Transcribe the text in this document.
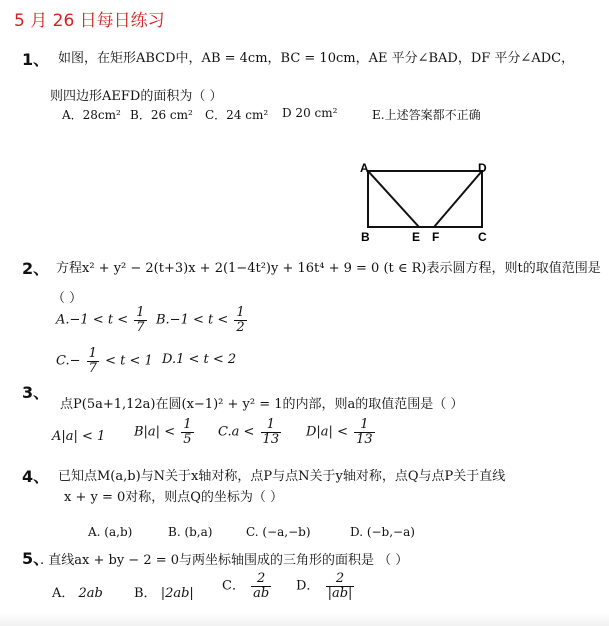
5 月 26 日每日练习
1、 如图，在矩形ABCD中，AB = 4cm，BC = 10cm，AE 平分∠BAD，DF 平分∠ADC，
则四边形AEFD的面积为（ ）
A．28cm² B．26 cm² C．24 cm² D 20 cm²	E.上述答案都不正确
A	D
B	E F	C
2、 方程x² + y² − 2(t+3)x + 2(1−4t²)y + 16t⁴ + 9 = 0 (t ∈ R)表示圆方程，则t的取值范围是
（ ）
$A.-1 < t < \frac{1}{7} B.-1 < t < \frac{1}{2}$
$C.- \frac{1}{7} < t < 1$ D.1 < t < 2
3、
点P(5a+1,12a)在圆(x−1)² + y² = 1的内部，则a的取值范围是（ ）
A|a| < 1 $B|a| < \frac{1}{5} C.a < \frac{1}{13} D|a| < \frac{1}{13}$
4、 已知点M(a,b)与N关于x轴对称，点P与点N关于y轴对称，点Q与点P关于直线
x + y = 0对称，则点Q的坐标为（ ）
A. (a,b)	B. (b,a)	C. (−a,−b)	D. (−b,−a)
5、
. 直线ax + by − 2 = 0与两坐标轴围成的三角形的面积是 （ ）
A． 2ab B． |2ab| C． $\frac{2}{ab}$ D． $\frac{2}{|ab|}$
